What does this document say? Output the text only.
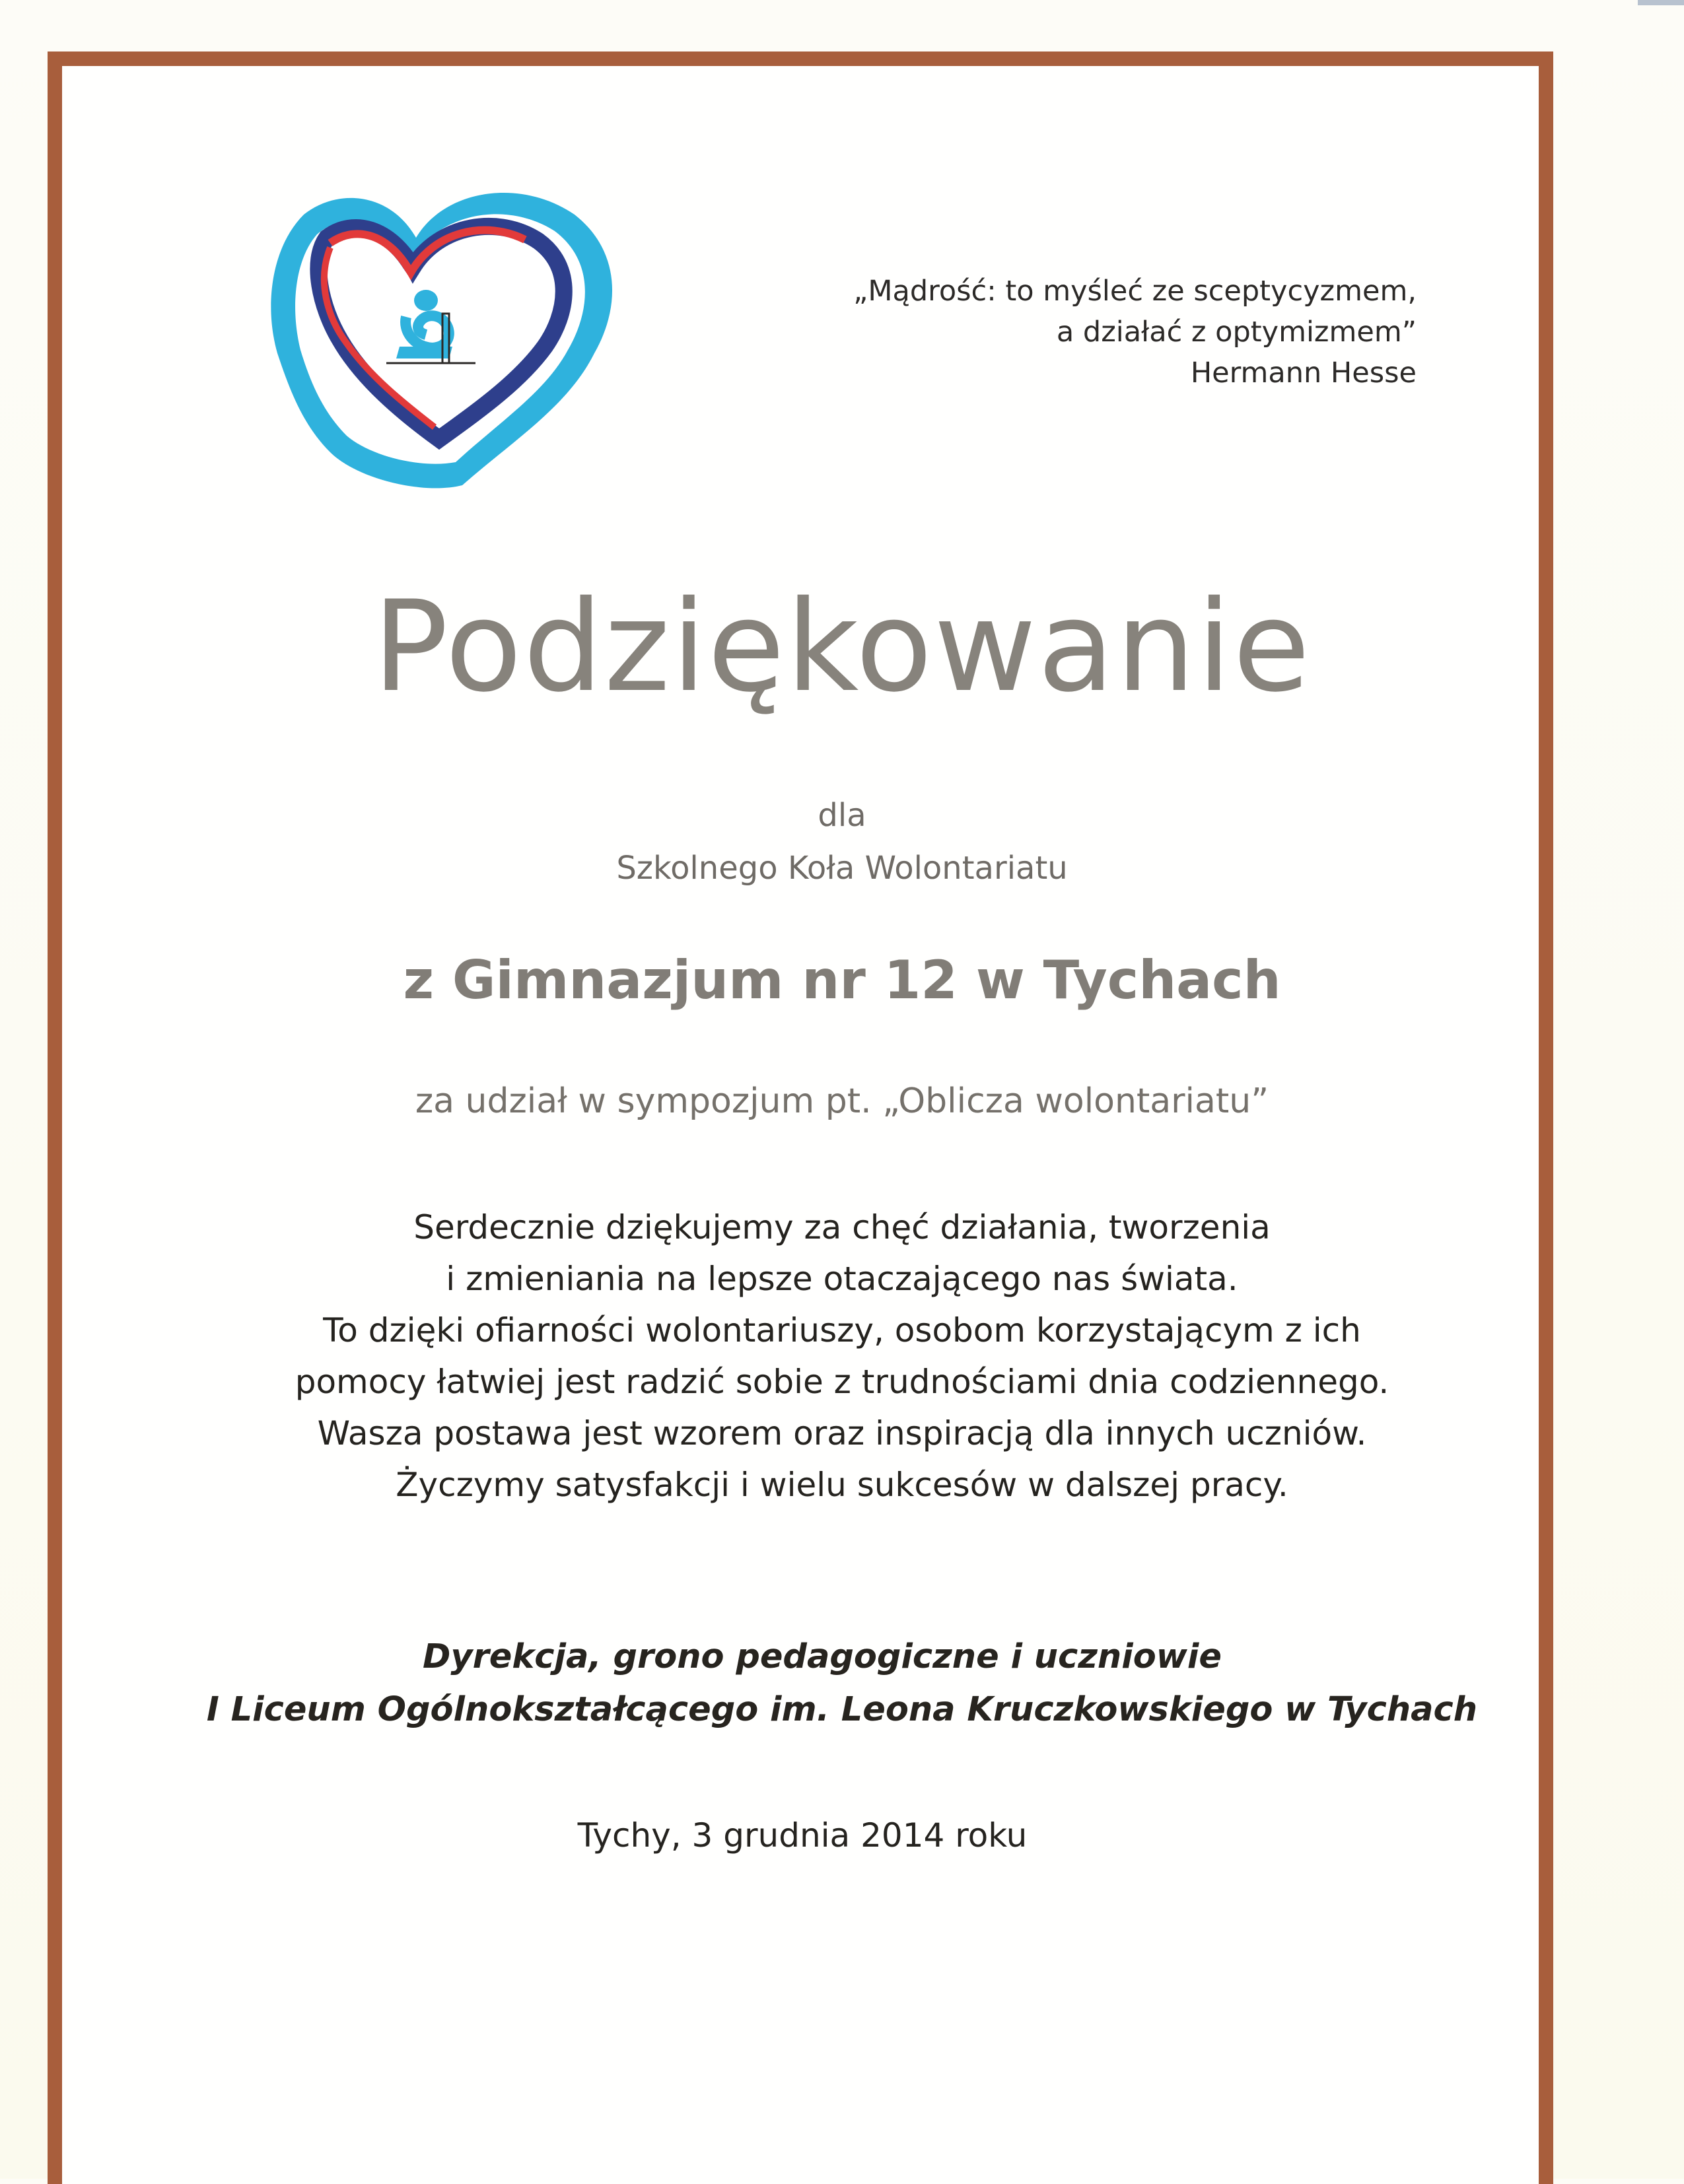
„Mądrość: to myśleć ze sceptycyzmem,
a działać z optymizmem”
Hermann Hesse
Podziękowanie
dla
Szkolnego Koła Wolontariatu
z Gimnazjum nr 12 w Tychach
za udział w sympozjum pt. „Oblicza wolontariatu”
Serdecznie dziękujemy za chęć działania, tworzenia
i zmieniania na lepsze otaczającego nas świata.
To dzięki ofiarności wolontariuszy, osobom korzystającym z ich
pomocy łatwiej jest radzić sobie z trudnościami dnia codziennego.
Wasza postawa jest wzorem oraz inspiracją dla innych uczniów.
Życzymy satysfakcji i wielu sukcesów w dalszej pracy.
Dyrekcja, grono pedagogiczne i uczniowie
I Liceum Ogólnokształcącego im. Leona Kruczkowskiego w Tychach
Tychy, 3 grudnia 2014 roku
